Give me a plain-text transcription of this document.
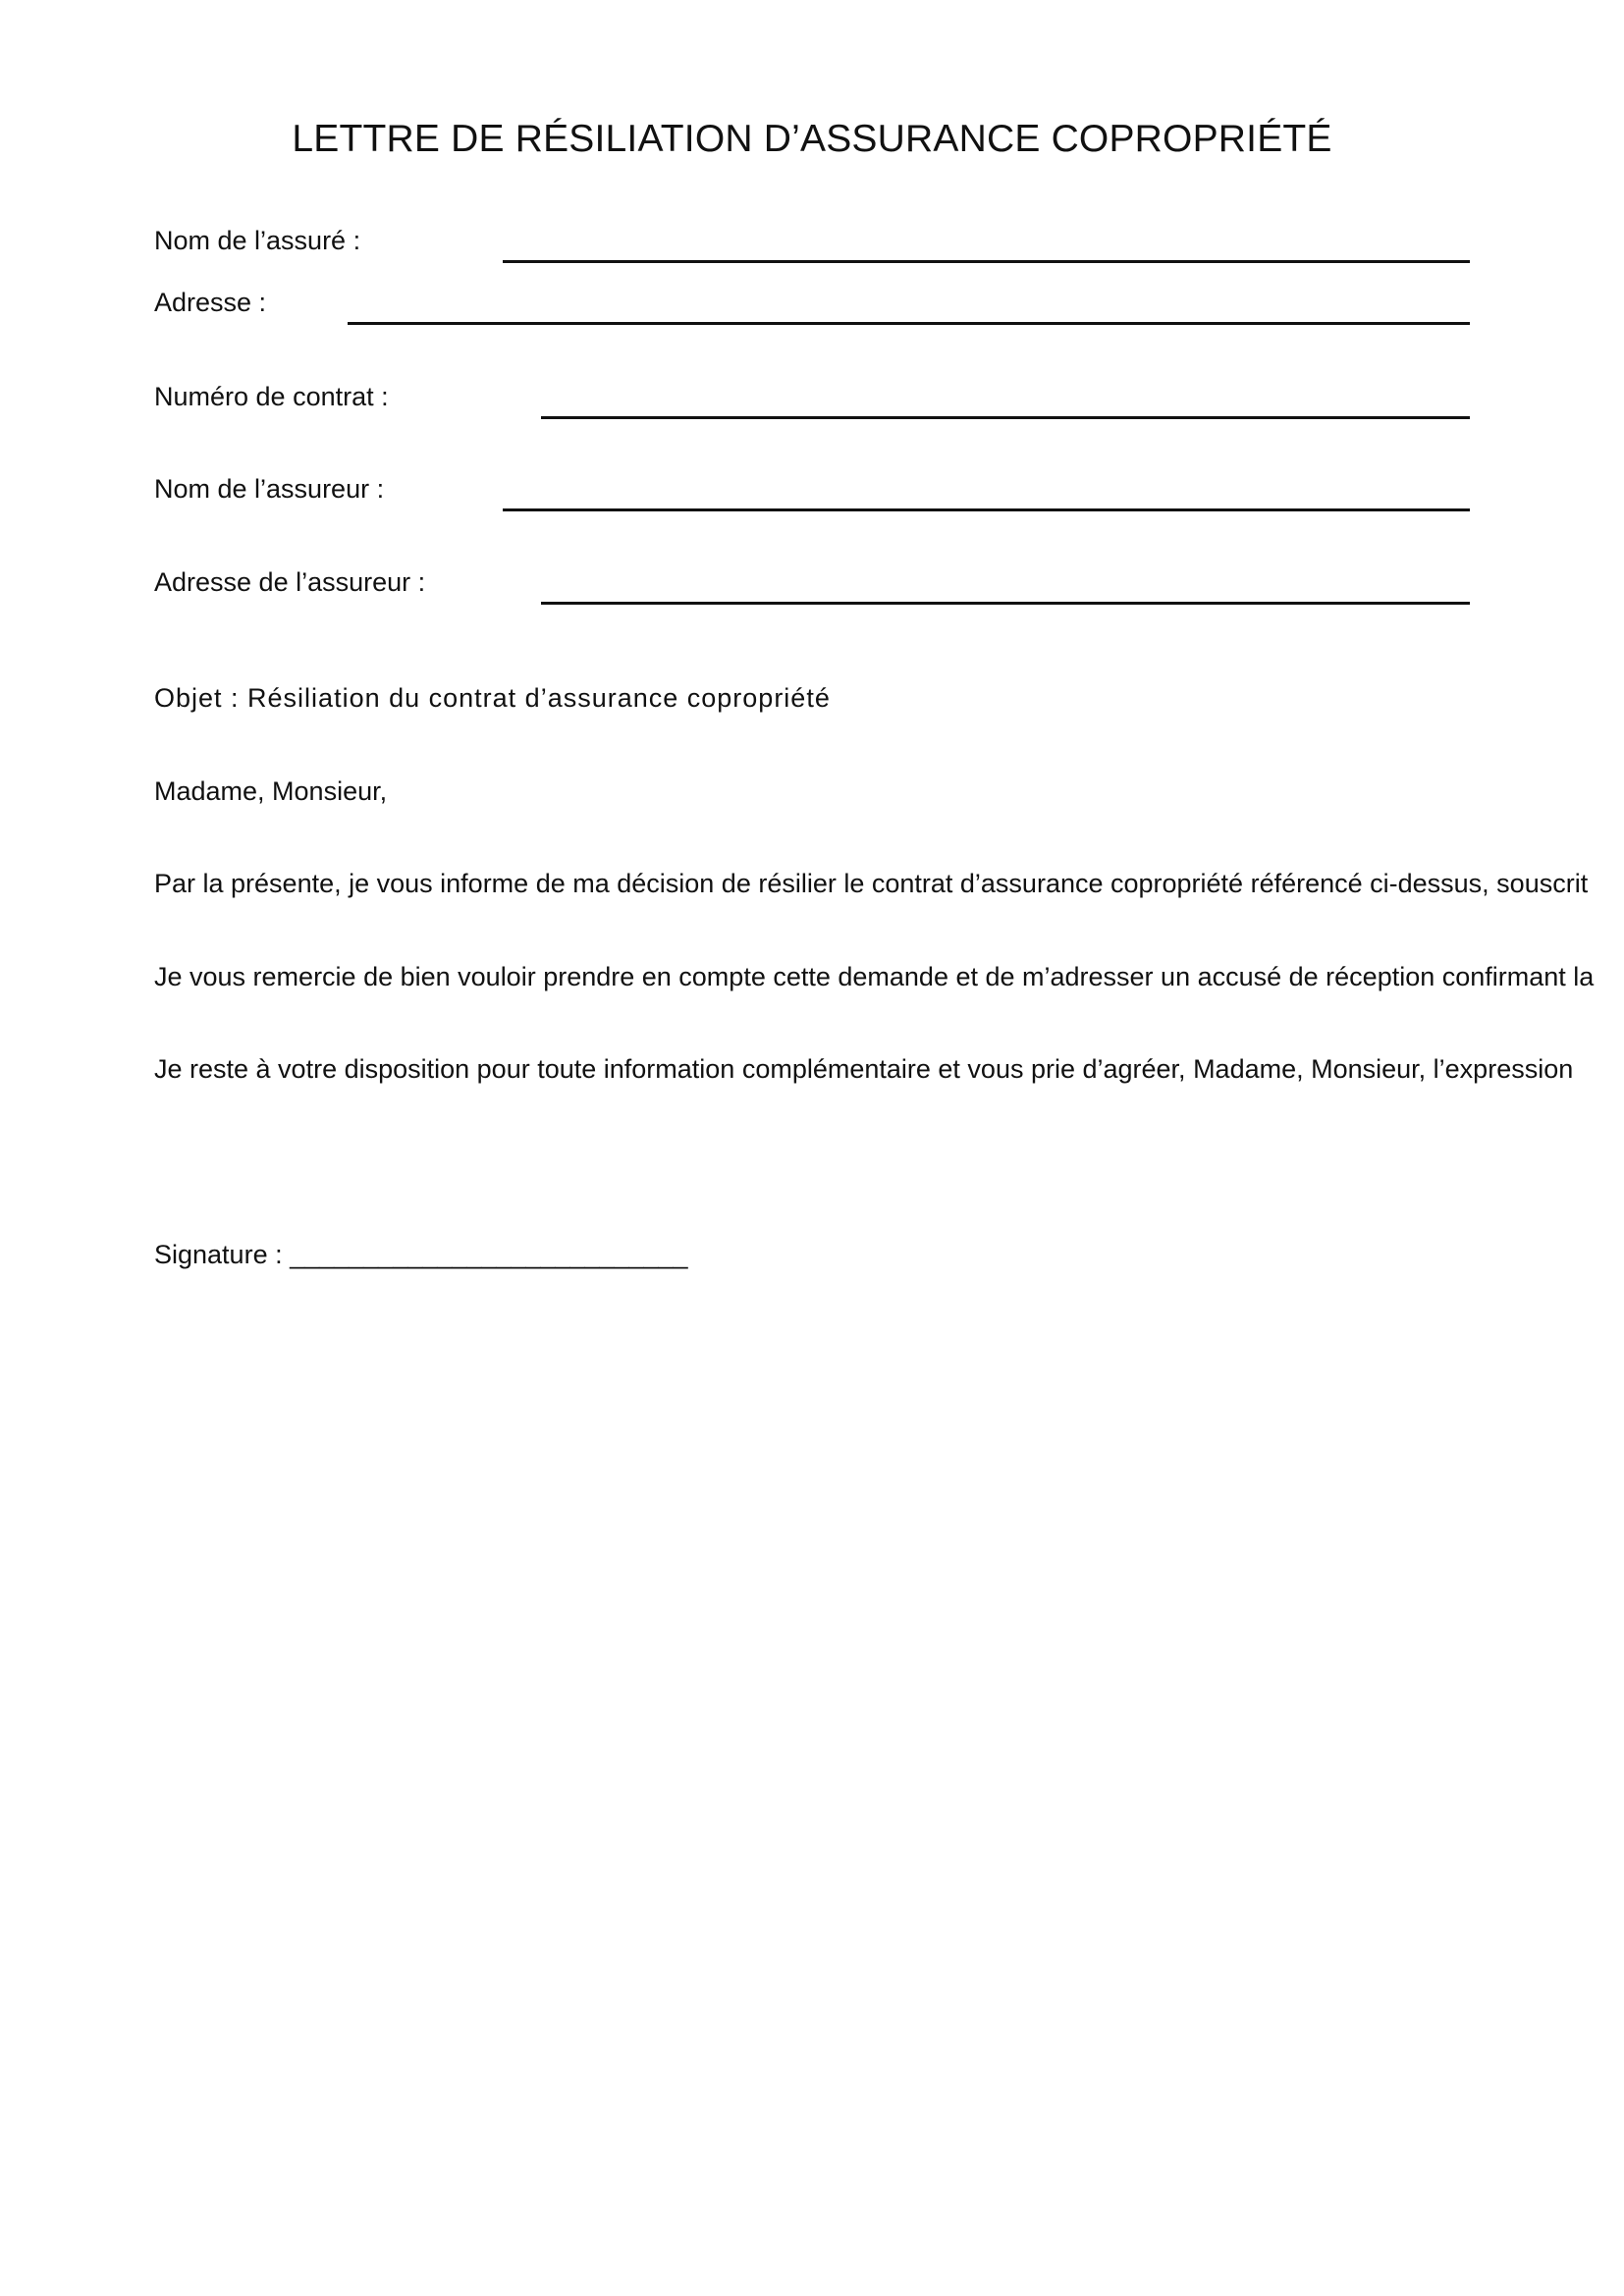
LETTRE DE RÉSILIATION D’ASSURANCE COPROPRIÉTÉ
Nom de l’assuré :
Adresse :
Numéro de contrat :
Nom de l’assureur :
Adresse de l’assureur :
Objet : Résiliation du contrat d’assurance copropriété
Madame, Monsieur,
Par la présente, je vous informe de ma décision de résilier le contrat d’assurance copropriété référencé ci-dessus, souscrit
Je vous remercie de bien vouloir prendre en compte cette demande et de m’adresser un accusé de réception confirmant la
Je reste à votre disposition pour toute information complémentaire et vous prie d’agréer, Madame, Monsieur, l’expression
Signature : ___________________________
